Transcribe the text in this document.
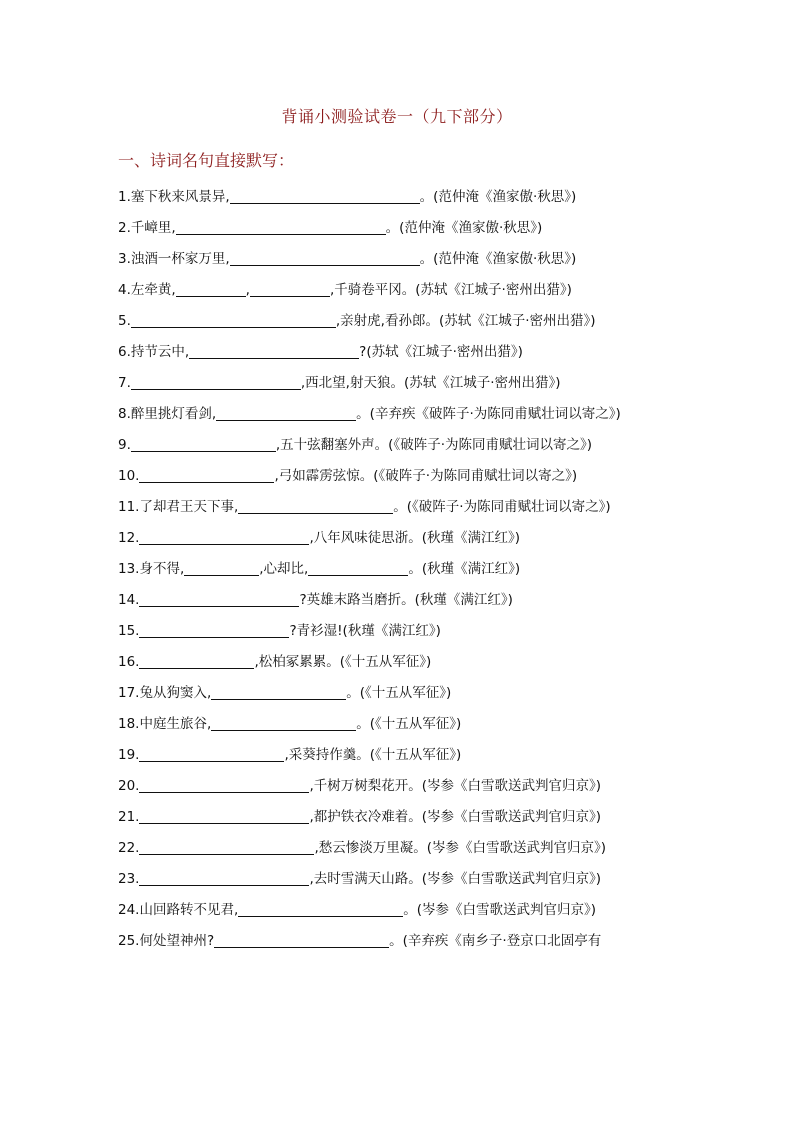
背诵小测验试卷一（九下部分）
一、诗词名句直接默写：
1.塞下秋来风景异,	。(范仲淹《渔家傲·秋思》)
2.千嶂里,	。(范仲淹《渔家傲·秋思》)
3.浊酒一杯家万里,	。(范仲淹《渔家傲·秋思》)
4.左牵黄,	,	,千骑卷平冈。(苏轼《江城子·密州出猎》)
5.	,亲射虎,看孙郎。(苏轼《江城子·密州出猎》)
6.持节云中,	?(苏轼《江城子·密州出猎》)
7.	,西北望,射天狼。(苏轼《江城子·密州出猎》)
8.醉里挑灯看剑,	。(辛弃疾《破阵子·为陈同甫赋壮词以寄之》)
9.	,五十弦翻塞外声。(《破阵子·为陈同甫赋壮词以寄之》)
10.	,弓如霹雳弦惊。(《破阵子·为陈同甫赋壮词以寄之》)
11.了却君王天下事,	。(《破阵子·为陈同甫赋壮词以寄之》)
12.	,八年风味徒思浙。(秋瑾《满江红》)
13.身不得,	,心却比,	。(秋瑾《满江红》)
14.	?英雄末路当磨折。(秋瑾《满江红》)
15.	?青衫湿!(秋瑾《满江红》)
16.	,松柏冢累累。(《十五从军征》)
17.兔从狗窦入,	。(《十五从军征》)
18.中庭生旅谷,	。(《十五从军征》)
19.	,采葵持作羹。(《十五从军征》)
20.	,千树万树梨花开。(岑参《白雪歌送武判官归京》)
21.	,都护铁衣冷难着。(岑参《白雪歌送武判官归京》)
22.	,愁云惨淡万里凝。(岑参《白雪歌送武判官归京》)
23.	,去时雪满天山路。(岑参《白雪歌送武判官归京》)
24.山回路转不见君,	。(岑参《白雪歌送武判官归京》)
25.何处望神州?	。(辛弃疾《南乡子·登京口北固亭有
